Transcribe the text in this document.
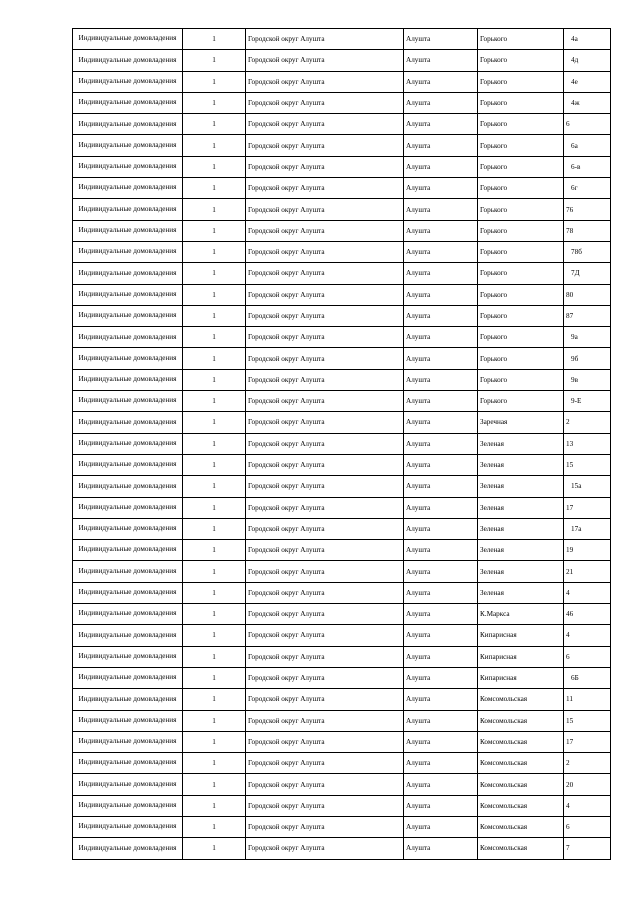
Индивидуальные домовладения	1	Городской округ Алушта	Алушта	Горького	4а
Индивидуальные домовладения	1	Городской округ Алушта	Алушта	Горького	4д
Индивидуальные домовладения	1	Городской округ Алушта	Алушта	Горького	4е
Индивидуальные домовладения	1	Городской округ Алушта	Алушта	Горького	4ж
Индивидуальные домовладения	1	Городской округ Алушта	Алушта	Горького	6
Индивидуальные домовладения	1	Городской округ Алушта	Алушта	Горького	6а
Индивидуальные домовладения	1	Городской округ Алушта	Алушта	Горького	6-в
Индивидуальные домовладения	1	Городской округ Алушта	Алушта	Горького	6г
Индивидуальные домовладения	1	Городской округ Алушта	Алушта	Горького	76
Индивидуальные домовладения	1	Городской округ Алушта	Алушта	Горького	78
Индивидуальные домовладения	1	Городской округ Алушта	Алушта	Горького	78б
Индивидуальные домовладения	1	Городской округ Алушта	Алушта	Горького	7Д
Индивидуальные домовладения	1	Городской округ Алушта	Алушта	Горького	80
Индивидуальные домовладения	1	Городской округ Алушта	Алушта	Горького	87
Индивидуальные домовладения	1	Городской округ Алушта	Алушта	Горького	9а
Индивидуальные домовладения	1	Городской округ Алушта	Алушта	Горького	9б
Индивидуальные домовладения	1	Городской округ Алушта	Алушта	Горького	9в
Индивидуальные домовладения	1	Городской округ Алушта	Алушта	Горького	9-Е
Индивидуальные домовладения	1	Городской округ Алушта	Алушта	Заречная	2
Индивидуальные домовладения	1	Городской округ Алушта	Алушта	Зеленая	13
Индивидуальные домовладения	1	Городской округ Алушта	Алушта	Зеленая	15
Индивидуальные домовладения	1	Городской округ Алушта	Алушта	Зеленая	15а
Индивидуальные домовладения	1	Городской округ Алушта	Алушта	Зеленая	17
Индивидуальные домовладения	1	Городской округ Алушта	Алушта	Зеленая	17а
Индивидуальные домовладения	1	Городской округ Алушта	Алушта	Зеленая	19
Индивидуальные домовладения	1	Городской округ Алушта	Алушта	Зеленая	21
Индивидуальные домовладения	1	Городской округ Алушта	Алушта	Зеленая	4
Индивидуальные домовладения	1	Городской округ Алушта	Алушта	К.Маркса	46
Индивидуальные домовладения	1	Городской округ Алушта	Алушта	Кипарисная	4
Индивидуальные домовладения	1	Городской округ Алушта	Алушта	Кипарисная	6
Индивидуальные домовладения	1	Городской округ Алушта	Алушта	Кипарисная	6Б
Индивидуальные домовладения	1	Городской округ Алушта	Алушта	Комсомольская	11
Индивидуальные домовладения	1	Городской округ Алушта	Алушта	Комсомольская	15
Индивидуальные домовладения	1	Городской округ Алушта	Алушта	Комсомольская	17
Индивидуальные домовладения	1	Городской округ Алушта	Алушта	Комсомольская	2
Индивидуальные домовладения	1	Городской округ Алушта	Алушта	Комсомольская	20
Индивидуальные домовладения	1	Городской округ Алушта	Алушта	Комсомольская	4
Индивидуальные домовладения	1	Городской округ Алушта	Алушта	Комсомольская	6
Индивидуальные домовладения	1	Городской округ Алушта	Алушта	Комсомольская	7
